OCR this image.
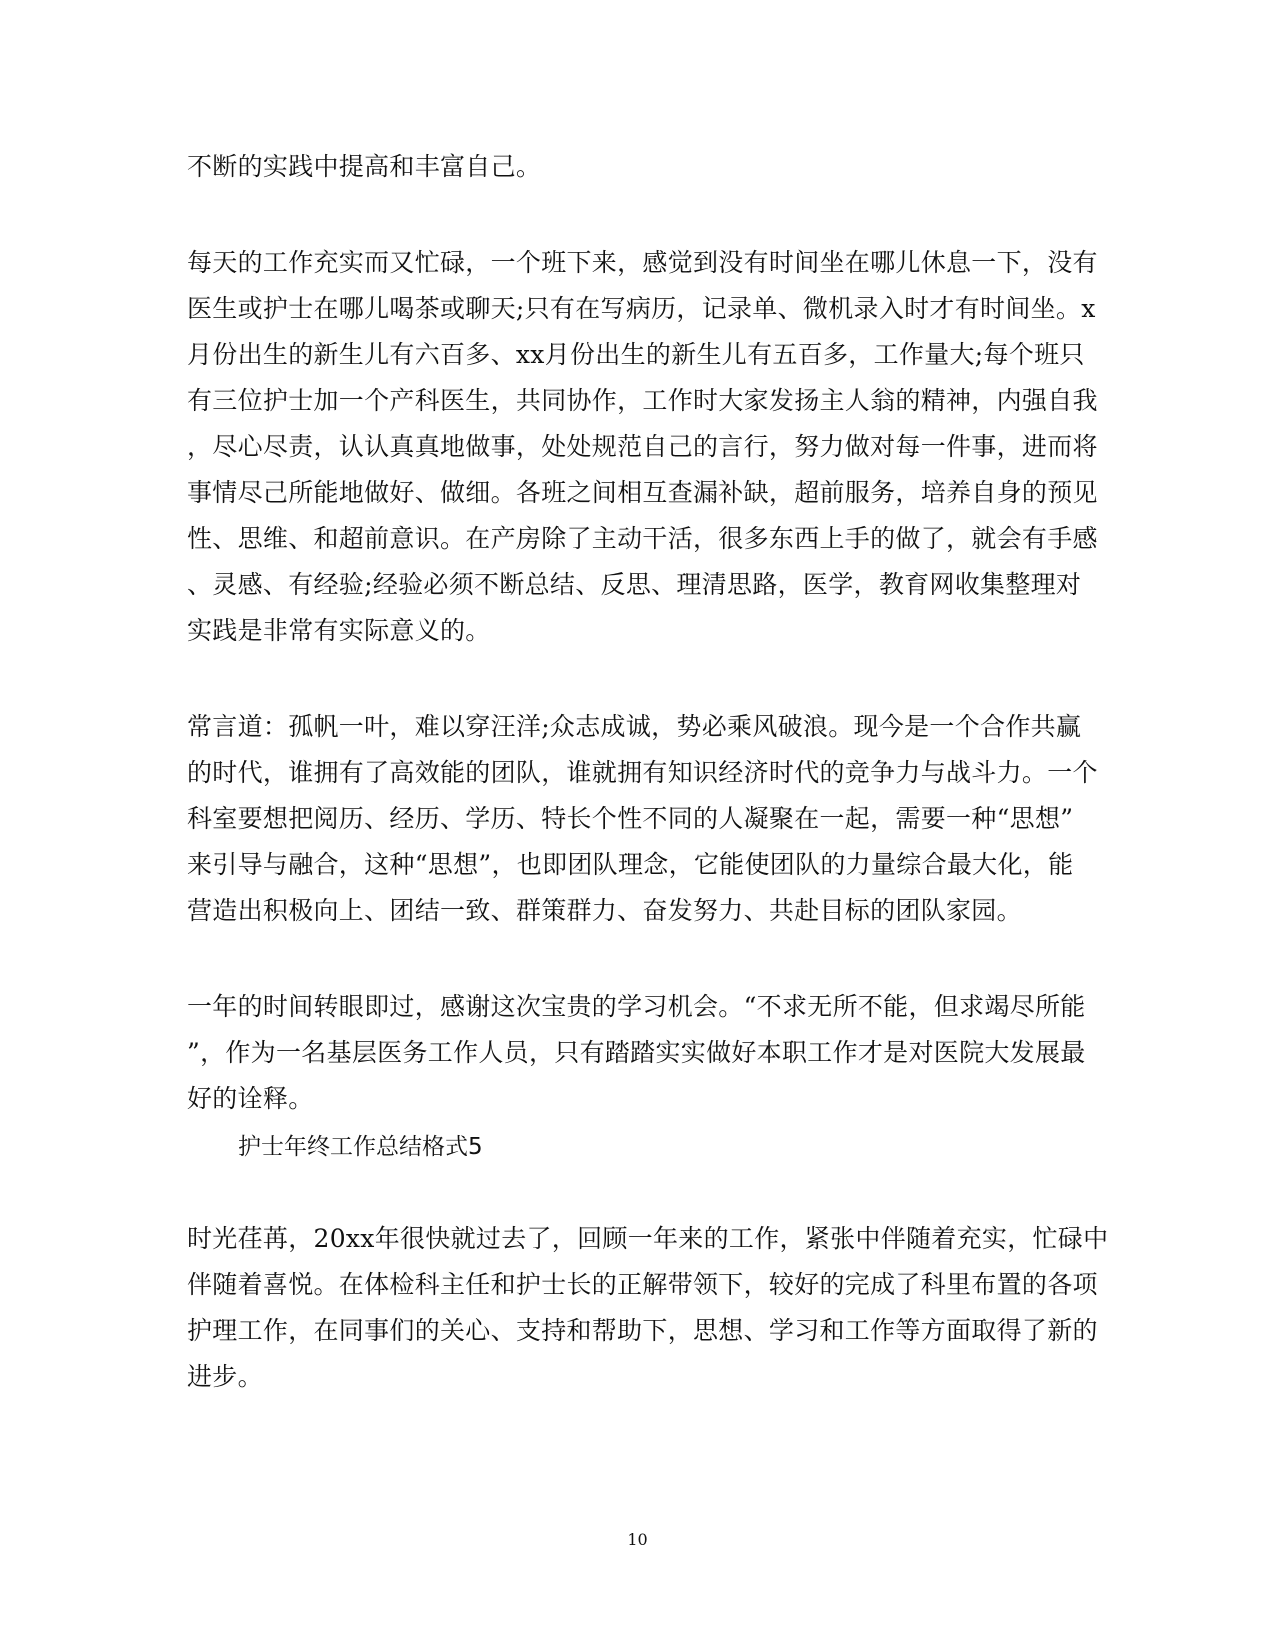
不断的实践中提高和丰富自己。

每天的工作充实而又忙碌，一个班下来，感觉到没有时间坐在哪儿休息一下，没有

医生或护士在哪儿喝茶或聊天;只有在写病历，记录单、微机录入时才有时间坐。x

月份出生的新生儿有六百多、xx月份出生的新生儿有五百多，工作量大;每个班只

有三位护士加一个产科医生，共同协作，工作时大家发扬主人翁的精神，内强自我

，尽心尽责，认认真真地做事，处处规范自己的言行，努力做对每一件事，进而将

事情尽己所能地做好、做细。各班之间相互查漏补缺，超前服务，培养自身的预见

性、思维、和超前意识。在产房除了主动干活，很多东西上手的做了，就会有手感

、灵感、有经验;经验必须不断总结、反思、理清思路，医学，教育网收集整理对

实践是非常有实际意义的。

常言道：孤帆一叶，难以穿汪洋;众志成诚，势必乘风破浪。现今是一个合作共赢

的时代，谁拥有了高效能的团队，谁就拥有知识经济时代的竞争力与战斗力。一个

科室要想把阅历、经历、学历、特长个性不同的人凝聚在一起，需要一种“思想”

来引导与融合，这种“思想”，也即团队理念，它能使团队的力量综合最大化，能

营造出积极向上、团结一致、群策群力、奋发努力、共赴目标的团队家园。

一年的时间转眼即过，感谢这次宝贵的学习机会。“不求无所不能，但求竭尽所能

”，作为一名基层医务工作人员，只有踏踏实实做好本职工作才是对医院大发展最

好的诠释。

护士年终工作总结格式5

时光荏苒，20xx年很快就过去了，回顾一年来的工作，紧张中伴随着充实，忙碌中

伴随着喜悦。在体检科主任和护士长的正解带领下，较好的完成了科里布置的各项

护理工作，在同事们的关心、支持和帮助下，思想、学习和工作等方面取得了新的

进步。

10
